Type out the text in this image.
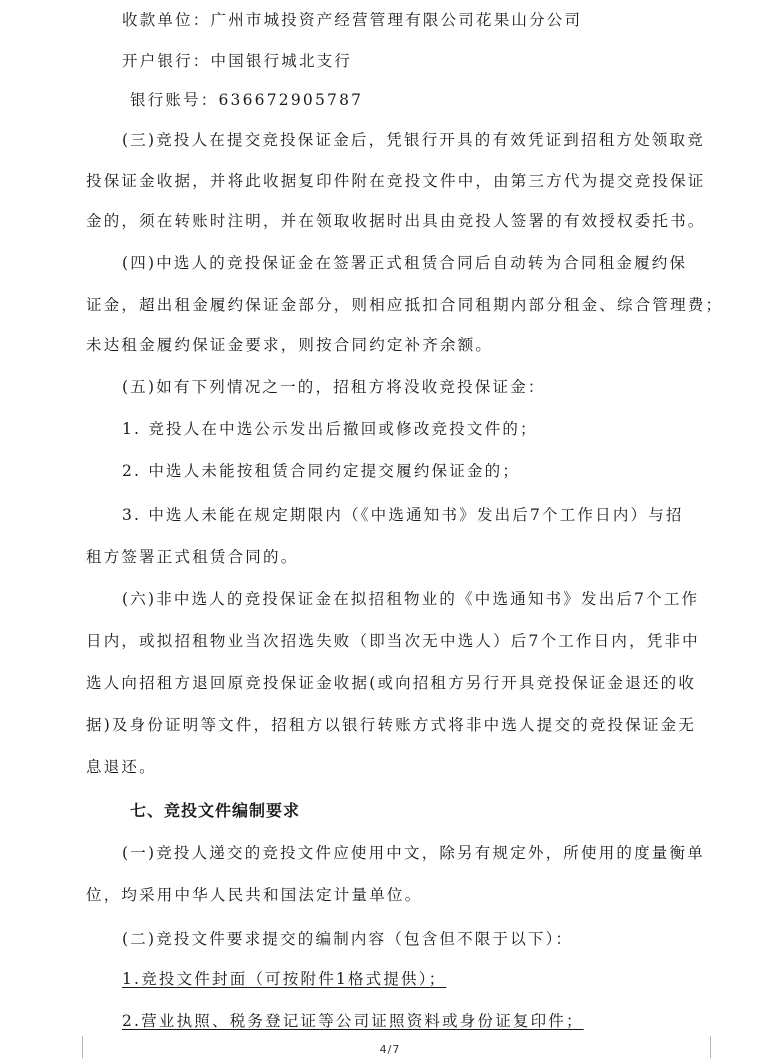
收款单位：广州市城投资产经营管理有限公司花果山分公司
开户银行：中国银行城北支行
银行账号：636672905787
(三)竞投人在提交竞投保证金后，凭银行开具的有效凭证到招租方处领取竞
投保证金收据，并将此收据复印件附在竞投文件中，由第三方代为提交竞投保证
金的，须在转账时注明，并在领取收据时出具由竞投人签署的有效授权委托书。
(四)中选人的竞投保证金在签署正式租赁合同后自动转为合同租金履约保
证金，超出租金履约保证金部分，则相应抵扣合同租期内部分租金、综合管理费；
未达租金履约保证金要求，则按合同约定补齐余额。
(五)如有下列情况之一的，招租方将没收竞投保证金：
1. 竞投人在中选公示发出后撤回或修改竞投文件的；
2. 中选人未能按租赁合同约定提交履约保证金的；
3. 中选人未能在规定期限内（《中选通知书》发出后7个工作日内）与招
租方签署正式租赁合同的。
(六)非中选人的竞投保证金在拟招租物业的《中选通知书》发出后7个工作
日内，或拟招租物业当次招选失败（即当次无中选人）后7个工作日内，凭非中
选人向招租方退回原竞投保证金收据(或向招租方另行开具竞投保证金退还的收
据)及身份证明等文件，招租方以银行转账方式将非中选人提交的竞投保证金无
息退还。
七、竞投文件编制要求
(一)竞投人递交的竞投文件应使用中文，除另有规定外，所使用的度量衡单
位，均采用中华人民共和国法定计量单位。
(二)竞投文件要求提交的编制内容（包含但不限于以下）：
1.竞投文件封面（可按附件1格式提供）；
2.营业执照、税务登记证等公司证照资料或身份证复印件；
4/7
